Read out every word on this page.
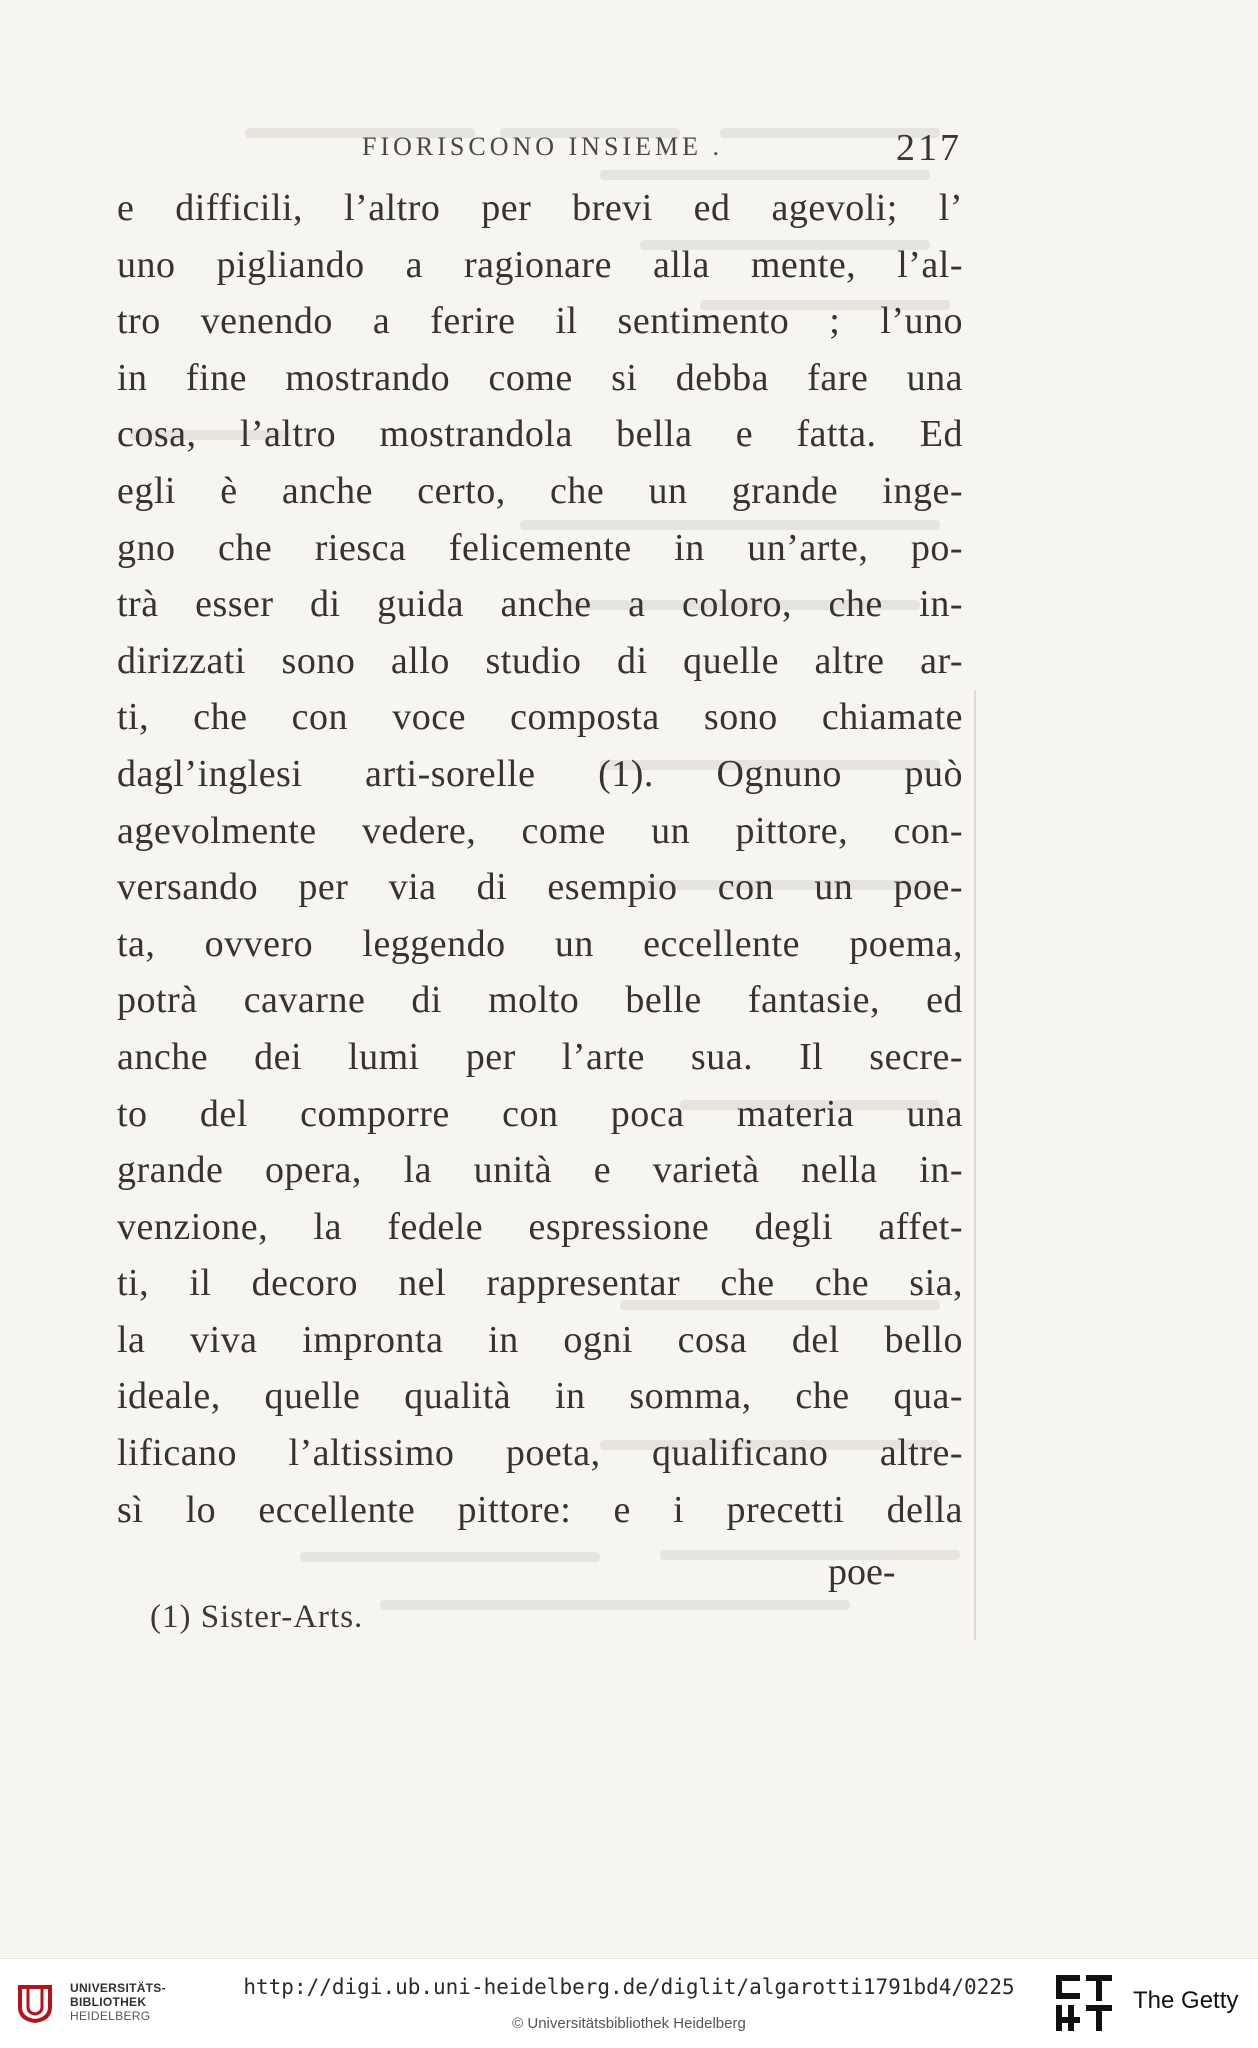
FIORISCONO INSIEME .	217
e difficili, l’altro per brevi ed agevoli; l’
uno pigliando a ragionare alla mente, l’al-
tro venendo a ferire il sentimento ; l’uno
in fine mostrando come si debba fare una
cosa, l’altro mostrandola bella e fatta. Ed
egli è anche certo, che un grande inge-
gno che riesca felicemente in un’arte, po-
trà esser di guida anche a coloro, che in-
dirizzati sono allo studio di quelle altre ar-
ti, che con voce composta sono chiamate
dagl’inglesi arti-sorelle (1). Ognuno può
agevolmente vedere, come un pittore, con-
versando per via di esempio con un poe-
ta, ovvero leggendo un eccellente poema,
potrà cavarne di molto belle fantasie, ed
anche dei lumi per l’arte sua. Il secre-
to del comporre con poca materia una
grande opera, la unità e varietà nella in-
venzione, la fedele espressione degli affet-
ti, il decoro nel rappresentar che che sia,
la viva impronta in ogni cosa del bello
ideale, quelle qualità in somma, che qua-
lificano l’altissimo poeta, qualificano altre-
sì lo eccellente pittore: e i precetti della
poe-
(1) Sister-Arts.
UNIVERSITÄTS-
BIBLIOTHEK
HEIDELBERG
http://digi.ub.uni-heidelberg.de/diglit/algarotti1791bd4/0225
© Universitätsbibliothek Heidelberg
The Getty
